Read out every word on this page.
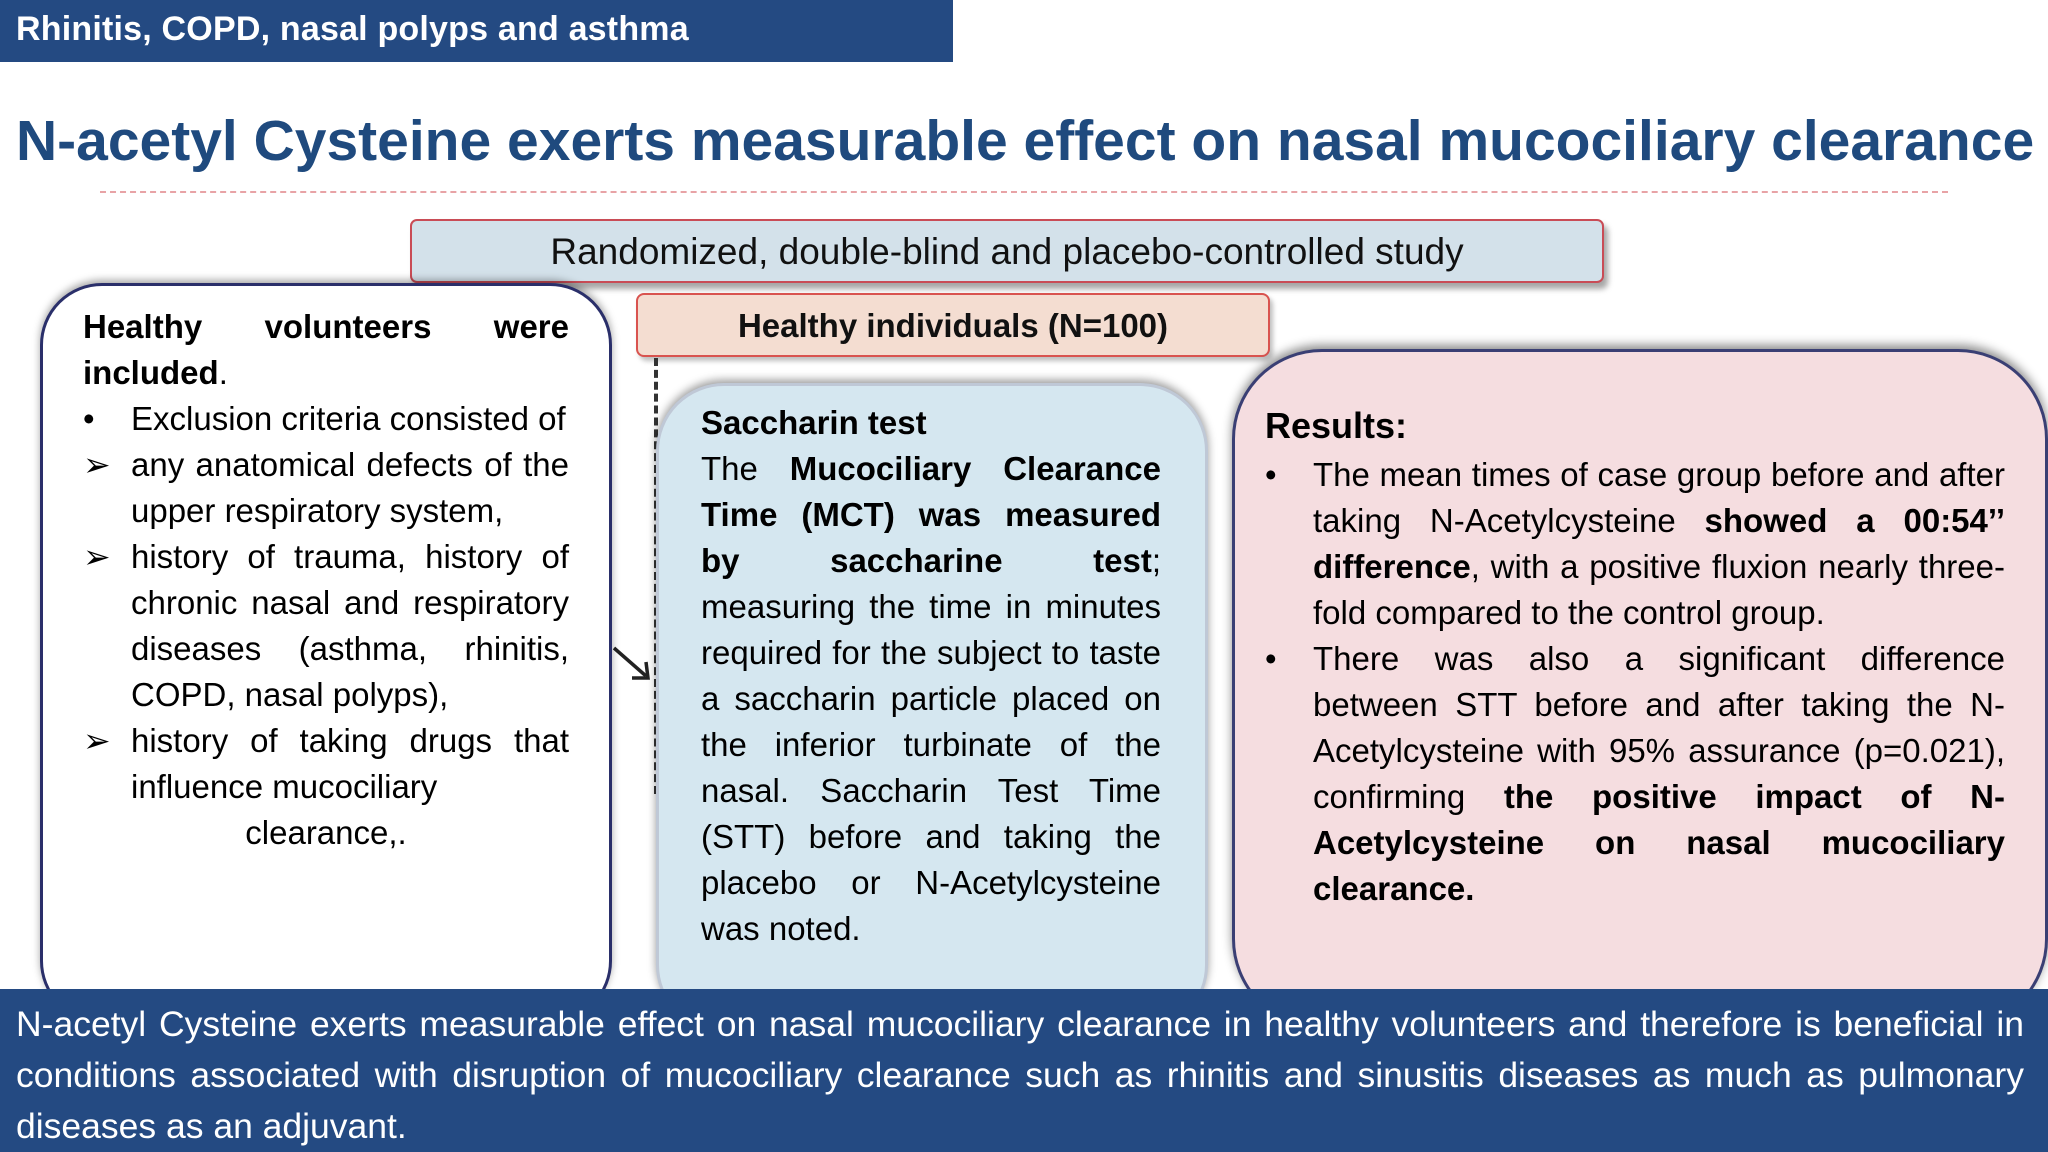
Rhinitis, COPD, nasal polyps and asthma
N-acetyl Cysteine exerts measurable effect on nasal mucociliary clearance
Randomized, double-blind and placebo-controlled study
Healthy individuals (N=100)
Healthy volunteers were included.
•	Exclusion criteria consisted of
➢ any anatomical defects of the upper respiratory system,
➢ history of trauma, history of chronic nasal and respiratory diseases (asthma, rhinitis, COPD, nasal polyps),
➢ history of taking drugs that influence mucociliary
clearance,.
Saccharin test
The Mucociliary Clearance Time (MCT) was measured by saccharine test; measuring the time in minutes required for the subject to taste a saccharin particle placed on the inferior turbinate of the nasal. Saccharin Test Time (STT) before and taking the placebo or N-Acetylcysteine was noted.
Results:
•	The mean times of case group before and after taking N-Acetylcysteine showed a 00:54’’ difference, with a positive fluxion nearly three-fold compared to the control group.
•	There was also a significant difference between STT before and after taking the N-Acetylcysteine with 95% assurance (p=0.021), confirming the positive impact of N-Acetylcysteine on nasal mucociliary clearance.
N-acetyl Cysteine exerts measurable effect on nasal mucociliary clearance in healthy volunteers and therefore is beneficial in conditions associated with disruption of mucociliary clearance such as rhinitis and sinusitis diseases as much as pulmonary diseases as an adjuvant.
